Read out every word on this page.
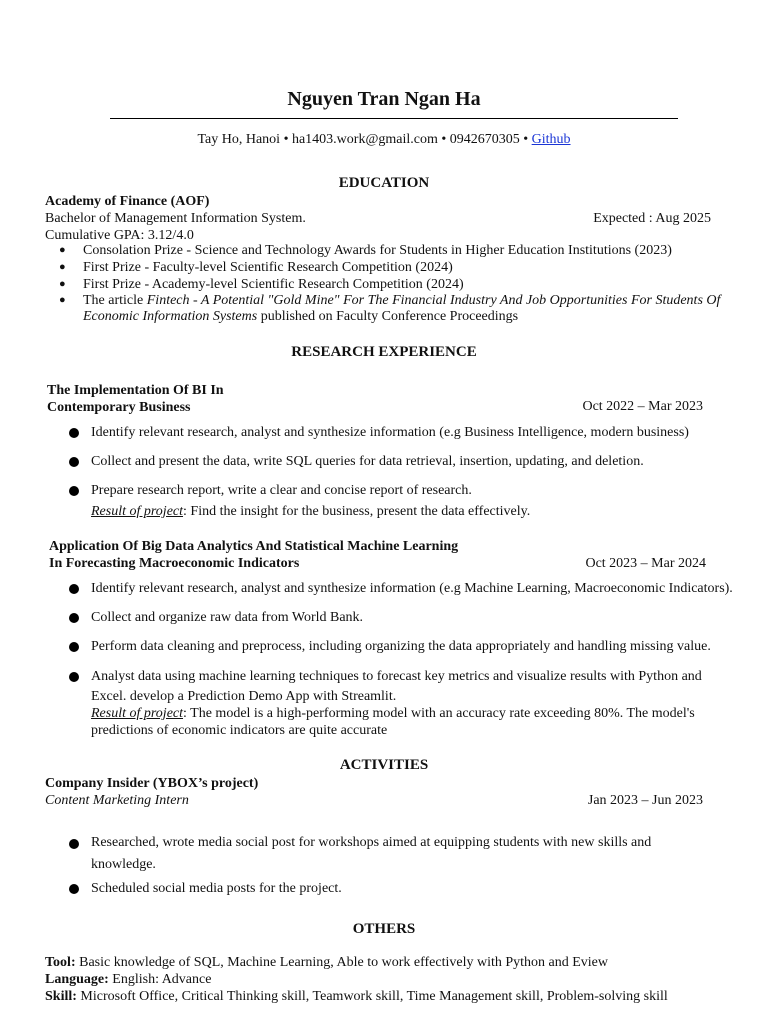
Nguyen Tran Ngan Ha
Tay Ho, Hanoi • ha1403.work@gmail.com • 0942670305 • Github
EDUCATION
Academy of Finance (AOF)
Bachelor of Management Information System.	Expected : Aug 2025
Cumulative GPA: 3.12/4.0
● Consolation Prize - Science and Technology Awards for Students in Higher Education Institutions (2023)
● First Prize - Faculty-level Scientific Research Competition (2024)
● First Prize - Academy-level Scientific Research Competition (2024)
● The article Fintech - A Potential "Gold Mine" For The Financial Industry And Job Opportunities For Students Of
Economic Information Systems published on Faculty Conference Proceedings
RESEARCH EXPERIENCE
The Implementation Of BI In
Contemporary Business	Oct 2022 – Mar 2023
Identify relevant research, analyst and synthesize information (e.g Business Intelligence, modern business)
Collect and present the data, write SQL queries for data retrieval, insertion, updating, and deletion.
Prepare research report, write a clear and concise report of research.
Result of project: Find the insight for the business, present the data effectively.
Application Of Big Data Analytics And Statistical Machine Learning
In Forecasting Macroeconomic Indicators	Oct 2023 – Mar 2024
Identify relevant research, analyst and synthesize information (e.g Machine Learning, Macroeconomic Indicators).
Collect and organize raw data from World Bank.
Perform data cleaning and preprocess, including organizing the data appropriately and handling missing value.
Analyst data using machine learning techniques to forecast key metrics and visualize results with Python and
Excel. develop a Prediction Demo App with Streamlit.
Result of project: The model is a high-performing model with an accuracy rate exceeding 80%. The model's
predictions of economic indicators are quite accurate
ACTIVITIES
Company Insider (YBOX’s project)
Content Marketing Intern	Jan 2023 – Jun 2023
Researched, wrote media social post for workshops aimed at equipping students with new skills and
knowledge.
Scheduled social media posts for the project.
OTHERS
Tool: Basic knowledge of SQL, Machine Learning, Able to work effectively with Python and Eview
Language: English: Advance
Skill: Microsoft Office, Critical Thinking skill, Teamwork skill, Time Management skill, Problem-solving skill
